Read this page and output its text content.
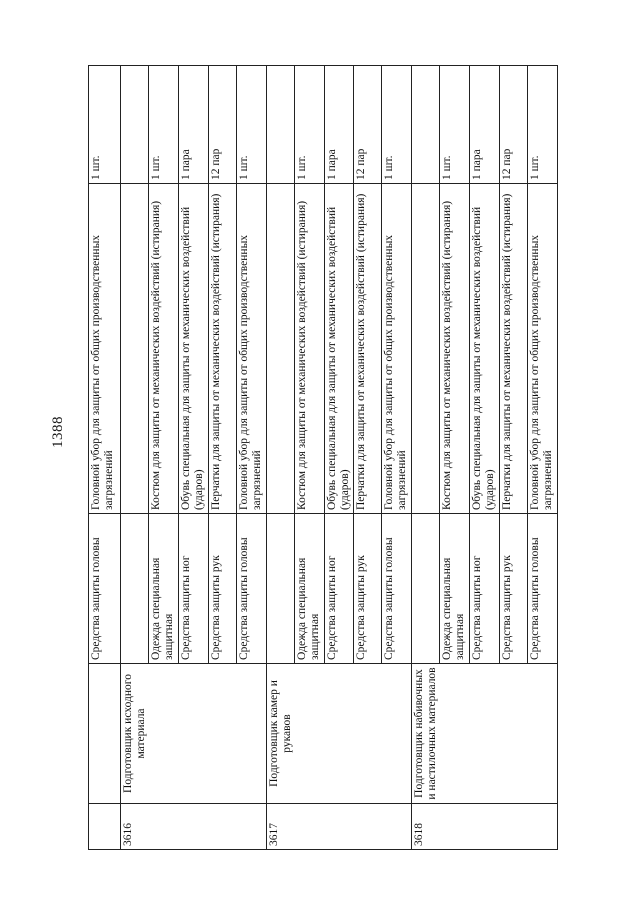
1388
		Средства защиты головы	Головной убор для защиты от общих производственных загрязнений	1 шт.
3616	Подготовщик исходного материала			
		Одежда специальная защитная	Костюм для защиты от механических воздействий (истирания)	1 шт.
		Средства защиты ног	Обувь специальная для защиты от механических воздействий (ударов)	1 пара
		Средства защиты рук	Перчатки для защиты от механических воздействий (истирания)	12 пар
		Средства защиты головы	Головной убор для защиты от общих производственных загрязнений	1 шт.
3617	Подготовщик камер и рукавов			
		Одежда специальная защитная	Костюм для защиты от механических воздействий (истирания)	1 шт.
		Средства защиты ног	Обувь специальная для защиты от механических воздействий (ударов)	1 пара
		Средства защиты рук	Перчатки для защиты от механических воздействий (истирания)	12 пар
		Средства защиты головы	Головной убор для защиты от общих производственных загрязнений	1 шт.
3618	Подготовщик набивочных и настилочных материалов			
		Одежда специальная защитная	Костюм для защиты от механических воздействий (истирания)	1 шт.
		Средства защиты ног	Обувь специальная для защиты от механических воздействий (ударов)	1 пара
		Средства защиты рук	Перчатки для защиты от механических воздействий (истирания)	12 пар
		Средства защиты головы	Головной убор для защиты от общих производственных загрязнений	1 шт.
